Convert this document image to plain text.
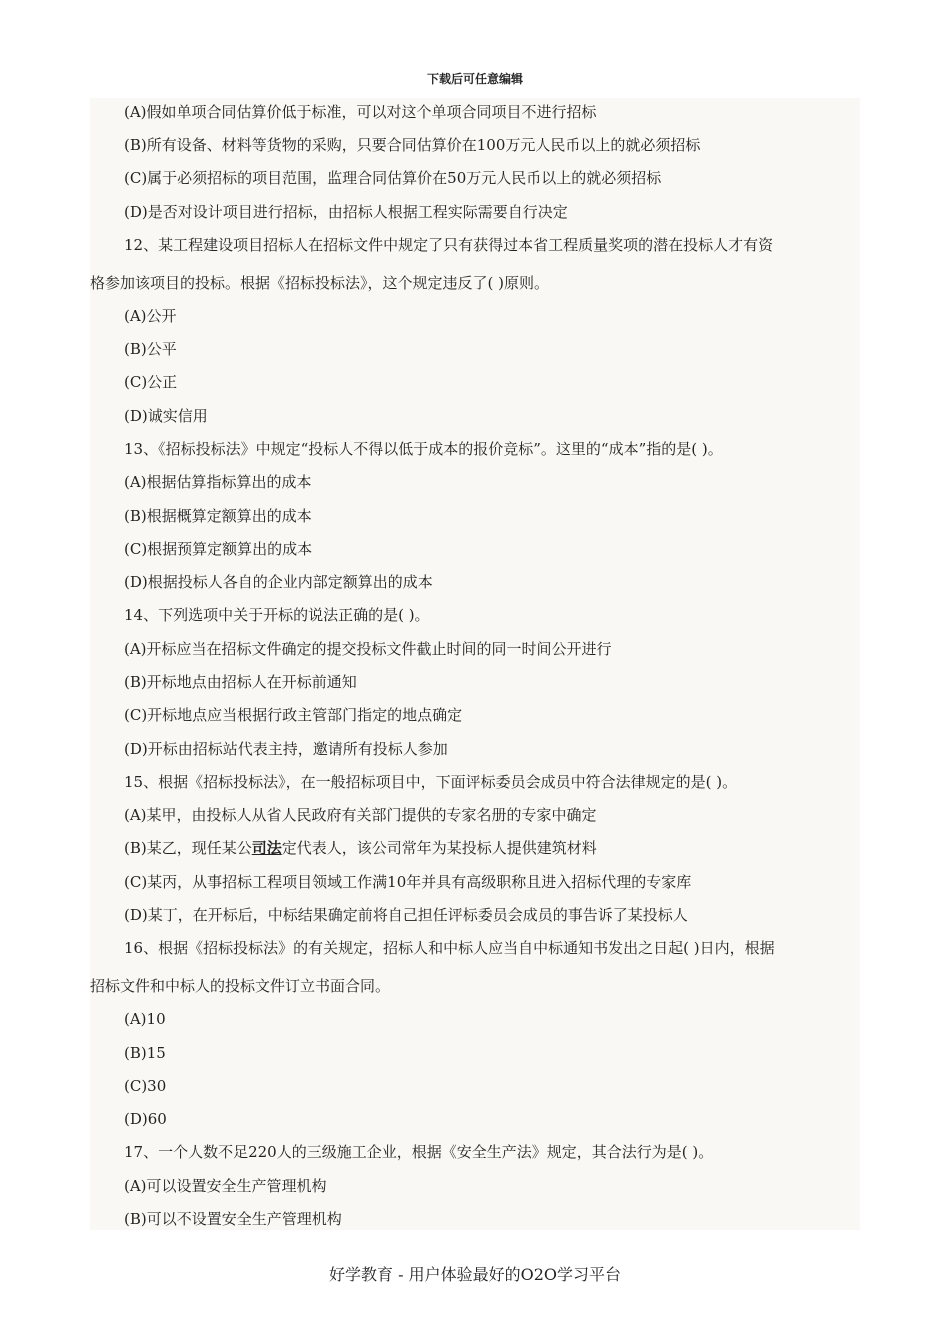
下载后可任意编辑
(A)假如单项合同估算价低于标准，可以对这个单项合同项目不进行招标
(B)所有设备、材料等货物的采购，只要合同估算价在100万元人民币以上的就必须招标
(C)属于必须招标的项目范围，监理合同估算价在50万元人民币以上的就必须招标
(D)是否对设计项目进行招标，由招标人根据工程实际需要自行决定
12、某工程建设项目招标人在招标文件中规定了只有获得过本省工程质量奖项的潜在投标人才有资
格参加该项目的投标。根据《招标投标法》，这个规定违反了( )原则。
(A)公开
(B)公平
(C)公正
(D)诚实信用
13、《招标投标法》中规定“投标人不得以低于成本的报价竞标”。这里的“成本”指的是( )。
(A)根据估算指标算出的成本
(B)根据概算定额算出的成本
(C)根据预算定额算出的成本
(D)根据投标人各自的企业内部定额算出的成本
14、下列选项中关于开标的说法正确的是( )。
(A)开标应当在招标文件确定的提交投标文件截止时间的同一时间公开进行
(B)开标地点由招标人在开标前通知
(C)开标地点应当根据行政主管部门指定的地点确定
(D)开标由招标站代表主持，邀请所有投标人参加
15、根据《招标投标法》，在一般招标项目中，下面评标委员会成员中符合法律规定的是( )。
(A)某甲，由投标人从省人民政府有关部门提供的专家名册的专家中确定
(B)某乙，现任某公司法定代表人，该公司常年为某投标人提供建筑材料
(C)某丙，从事招标工程项目领域工作满10年并具有高级职称且进入招标代理的专家库
(D)某丁，在开标后，中标结果确定前将自己担任评标委员会成员的事告诉了某投标人
16、根据《招标投标法》的有关规定，招标人和中标人应当自中标通知书发出之日起( )日内，根据
招标文件和中标人的投标文件订立书面合同。
(A)10
(B)15
(C)30
(D)60
17、一个人数不足220人的三级施工企业，根据《安全生产法》规定，其合法行为是( )。
(A)可以设置安全生产管理机构
(B)可以不设置安全生产管理机构
好学教育 - 用户体验最好的O2O学习平台
